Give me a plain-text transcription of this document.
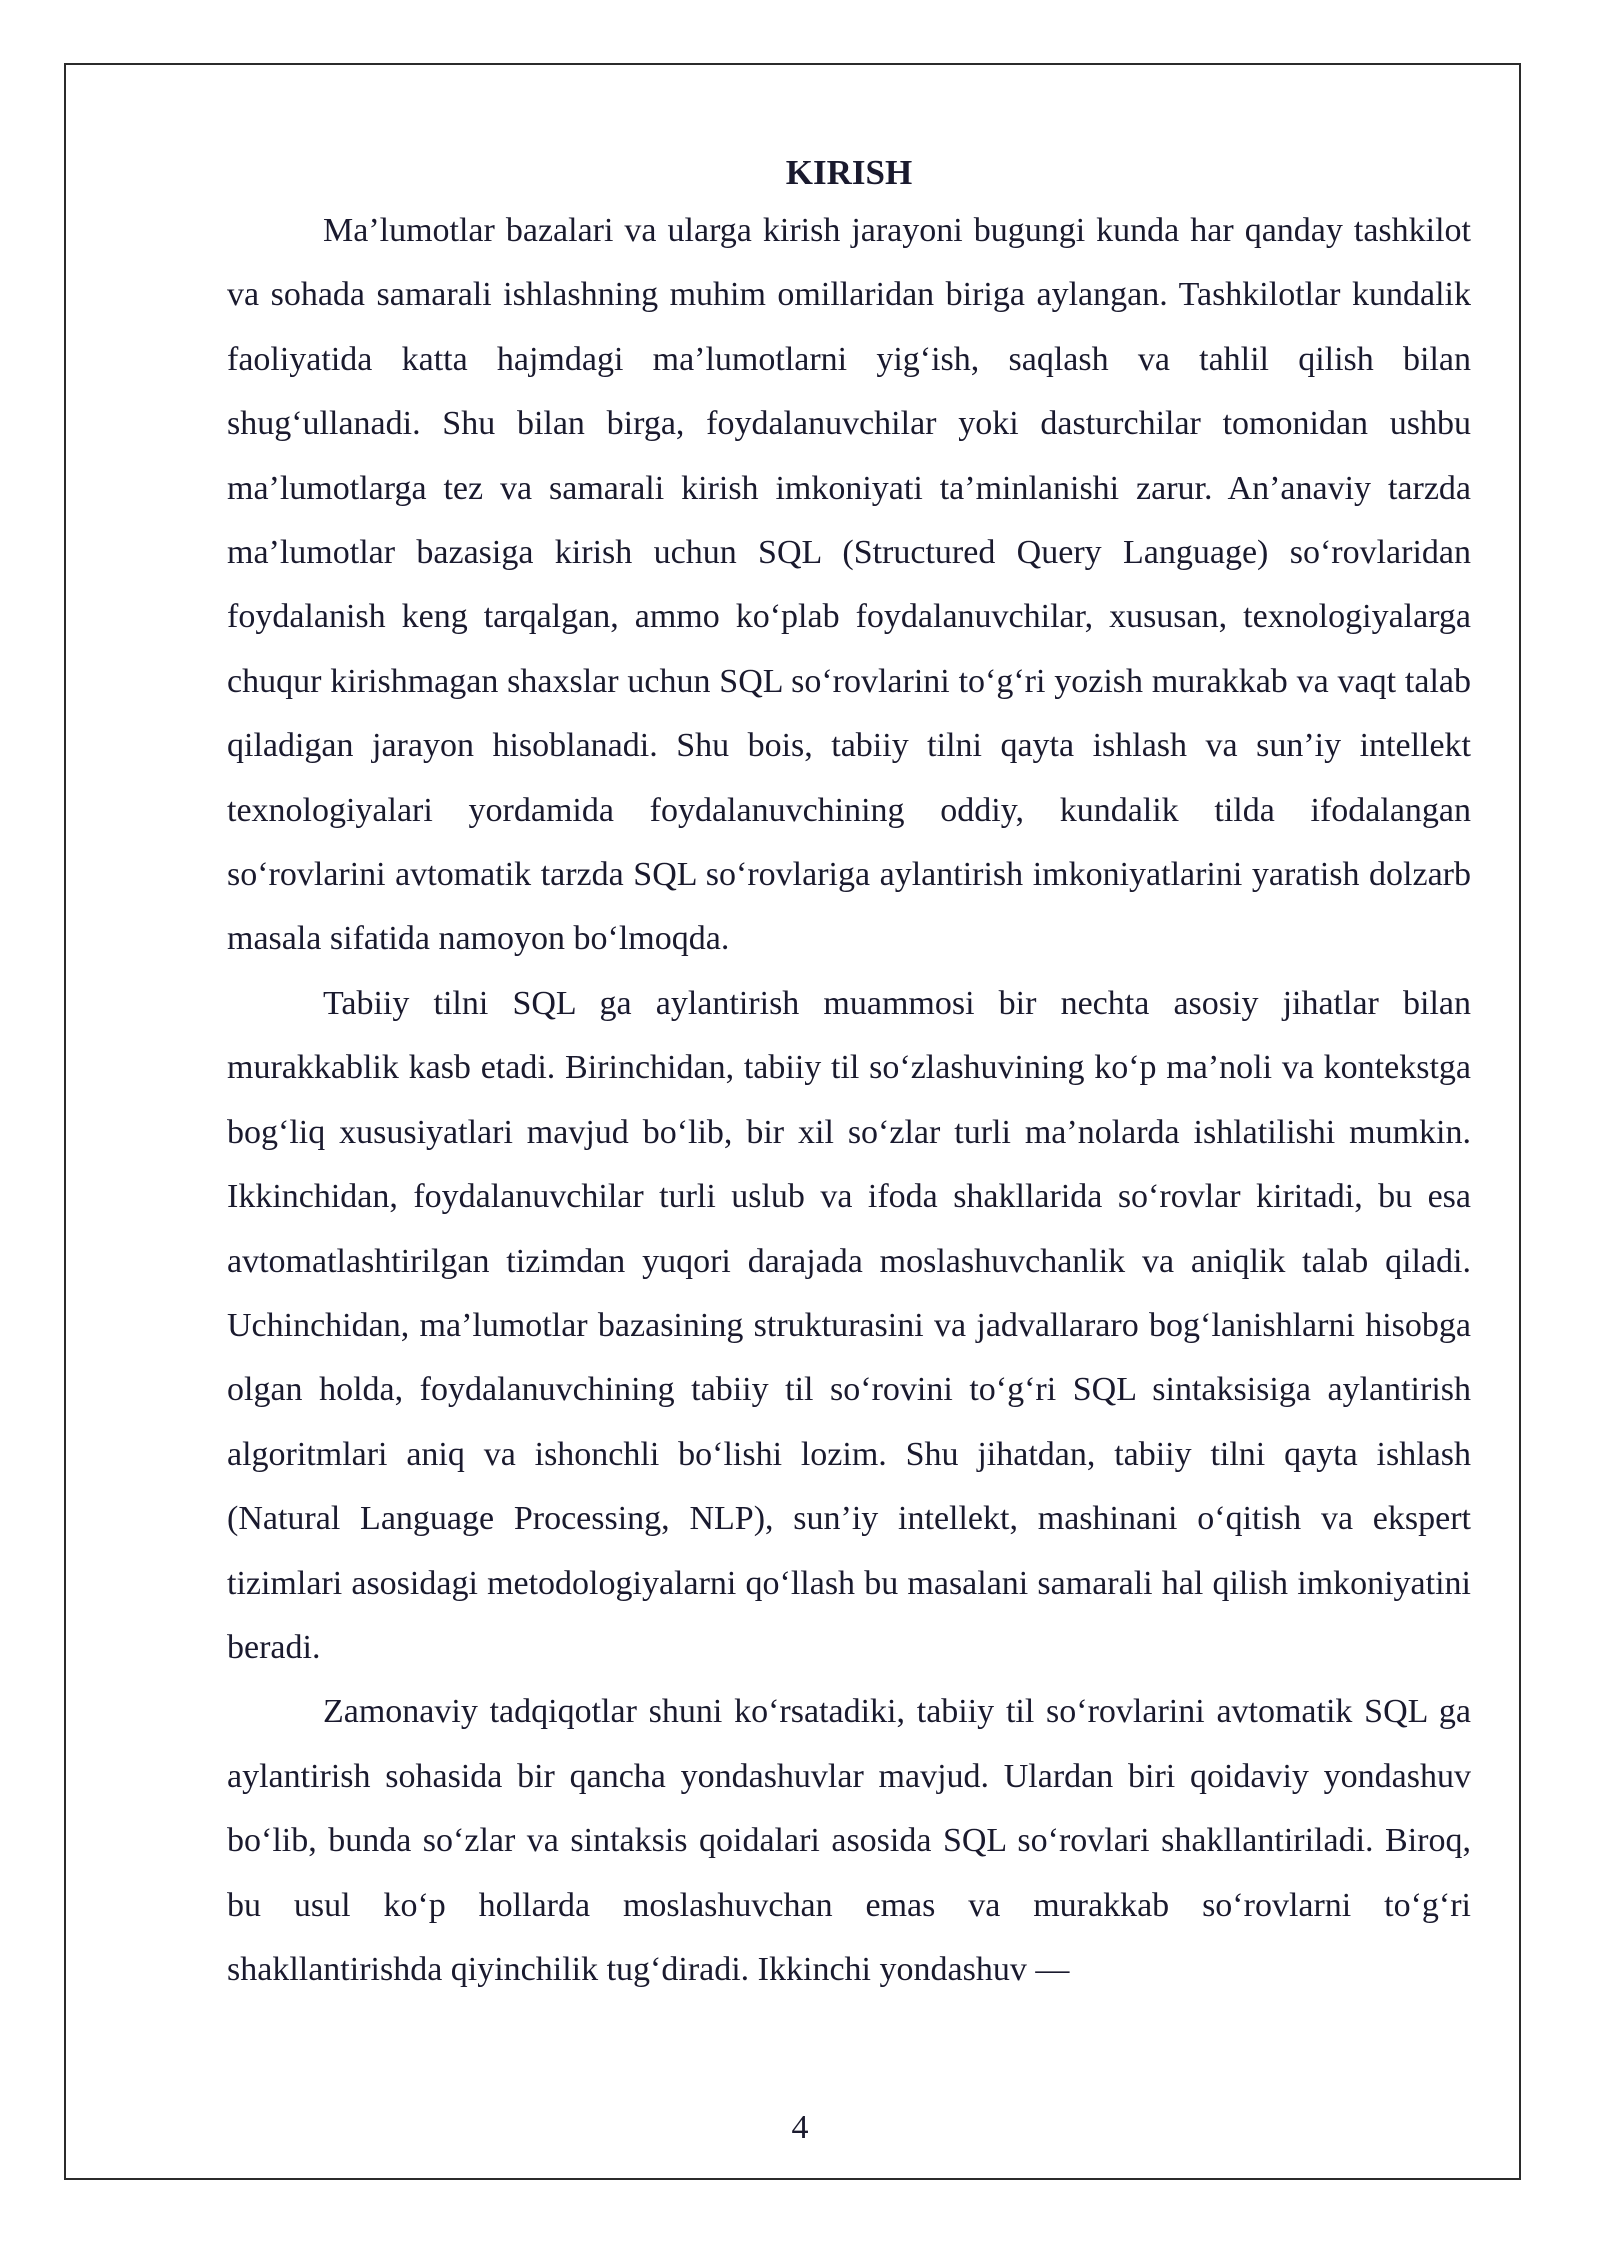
KIRISH

Ma’lumotlar bazalari va ularga kirish jarayoni bugungi kunda har qanday tashkilot va sohada samarali ishlashning muhim omillaridan biriga aylangan. Tashkilotlar kundalik faoliyatida katta hajmdagi ma’lumotlarni yig‘ish, saqlash va tahlil qilish bilan shug‘ullanadi. Shu bilan birga, foydalanuvchilar yoki dasturchilar tomonidan ushbu ma’lumotlarga tez va samarali kirish imkoniyati ta’minlanishi zarur. An’anaviy tarzda ma’lumotlar bazasiga kirish uchun SQL (Structured Query Language) so‘rovlaridan foydalanish keng tarqalgan, ammo ko‘plab foydalanuvchilar, xususan, texnologiyalarga chuqur kirishmagan shaxslar uchun SQL so‘rovlarini to‘g‘ri yozish murakkab va vaqt talab qiladigan jarayon hisoblanadi. Shu bois, tabiiy tilni qayta ishlash va sun’iy intellekt texnologiyalari yordamida foydalanuvchining oddiy, kundalik tilda ifodalangan so‘rovlarini avtomatik tarzda SQL so‘rovlariga aylantirish imkoniyatlarini yaratish dolzarb masala sifatida namoyon bo‘lmoqda.

Tabiiy tilni SQL ga aylantirish muammosi bir nechta asosiy jihatlar bilan murakkablik kasb etadi. Birinchidan, tabiiy til so‘zlashuvining ko‘p ma’noli va kontekstga bog‘liq xususiyatlari mavjud bo‘lib, bir xil so‘zlar turli ma’nolarda ishlatilishi mumkin. Ikkinchidan, foydalanuvchilar turli uslub va ifoda shakllarida so‘rovlar kiritadi, bu esa avtomatlashtirilgan tizimdan yuqori darajada moslashuvchanlik va aniqlik talab qiladi. Uchinchidan, ma’lumotlar bazasining strukturasini va jadvallararo bog‘lanishlarni hisobga olgan holda, foydalanuvchining tabiiy til so‘rovini to‘g‘ri SQL sintaksisiga aylantirish algoritmlari aniq va ishonchli bo‘lishi lozim. Shu jihatdan, tabiiy tilni qayta ishlash (Natural Language Processing, NLP), sun’iy intellekt, mashinani o‘qitish va ekspert tizimlari asosidagi metodologiyalarni qo‘llash bu masalani samarali hal qilish imkoniyatini beradi.

Zamonaviy tadqiqotlar shuni ko‘rsatadiki, tabiiy til so‘rovlarini avtomatik SQL ga aylantirish sohasida bir qancha yondashuvlar mavjud. Ulardan biri qoidaviy yondashuv bo‘lib, bunda so‘zlar va sintaksis qoidalari asosida SQL so‘rovlari shakllantiriladi. Biroq, bu usul ko‘p hollarda moslashuvchan emas va murakkab so‘rovlarni to‘g‘ri shakllantirishda qiyinchilik tug‘diradi. Ikkinchi yondashuv —

4
